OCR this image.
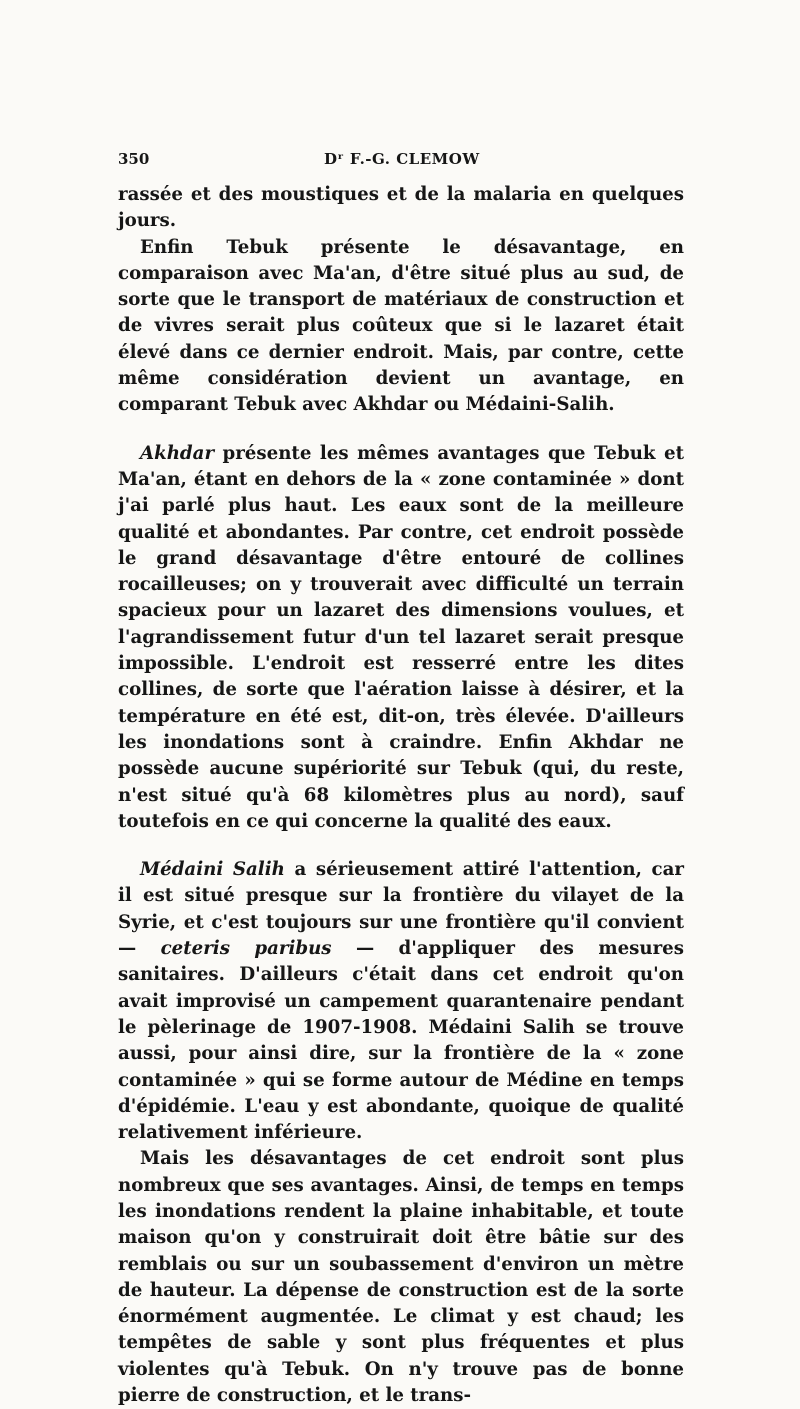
350	Dʳ F.-G. CLEMOW

rassée et des moustiques et de la malaria en quelques jours.

Enfin Tebuk présente le désavantage, en comparaison avec Ma'an, d'être situé plus au sud, de sorte que le transport de matériaux de construction et de vivres serait plus coûteux que si le lazaret était élevé dans ce dernier endroit. Mais, par contre, cette même considération devient un avantage, en comparant Tebuk avec Akhdar ou Médaini-Salih.

Akhdar présente les mêmes avantages que Tebuk et Ma'an, étant en dehors de la « zone contaminée » dont j'ai parlé plus haut. Les eaux sont de la meilleure qualité et abondantes. Par contre, cet endroit possède le grand désavantage d'être entouré de collines rocailleuses; on y trouverait avec difficulté un terrain spacieux pour un lazaret des dimensions voulues, et l'agrandissement futur d'un tel lazaret serait presque impossible. L'endroit est resserré entre les dites collines, de sorte que l'aération laisse à désirer, et la température en été est, dit-on, très élevée. D'ailleurs les inondations sont à craindre. Enfin Akhdar ne possède aucune supériorité sur Tebuk (qui, du reste, n'est situé qu'à 68 kilomètres plus au nord), sauf toutefois en ce qui concerne la qualité des eaux.

Médaini Salih a sérieusement attiré l'attention, car il est situé presque sur la frontière du vilayet de la Syrie, et c'est toujours sur une frontière qu'il convient — ceteris paribus — d'appliquer des mesures sanitaires. D'ailleurs c'était dans cet endroit qu'on avait improvisé un campement quarantenaire pendant le pèlerinage de 1907-1908. Médaini Salih se trouve aussi, pour ainsi dire, sur la frontière de la « zone contaminée » qui se forme autour de Médine en temps d'épidémie. L'eau y est abondante, quoique de qualité relativement inférieure.

Mais les désavantages de cet endroit sont plus nombreux que ses avantages. Ainsi, de temps en temps les inondations rendent la plaine inhabitable, et toute maison qu'on y construirait doit être bâtie sur des remblais ou sur un soubassement d'environ un mètre de hauteur. La dépense de construction est de la sorte énormément augmentée. Le climat y est chaud; les tempêtes de sable y sont plus fréquentes et plus violentes qu'à Tebuk. On n'y trouve pas de bonne pierre de construction, et le trans-
